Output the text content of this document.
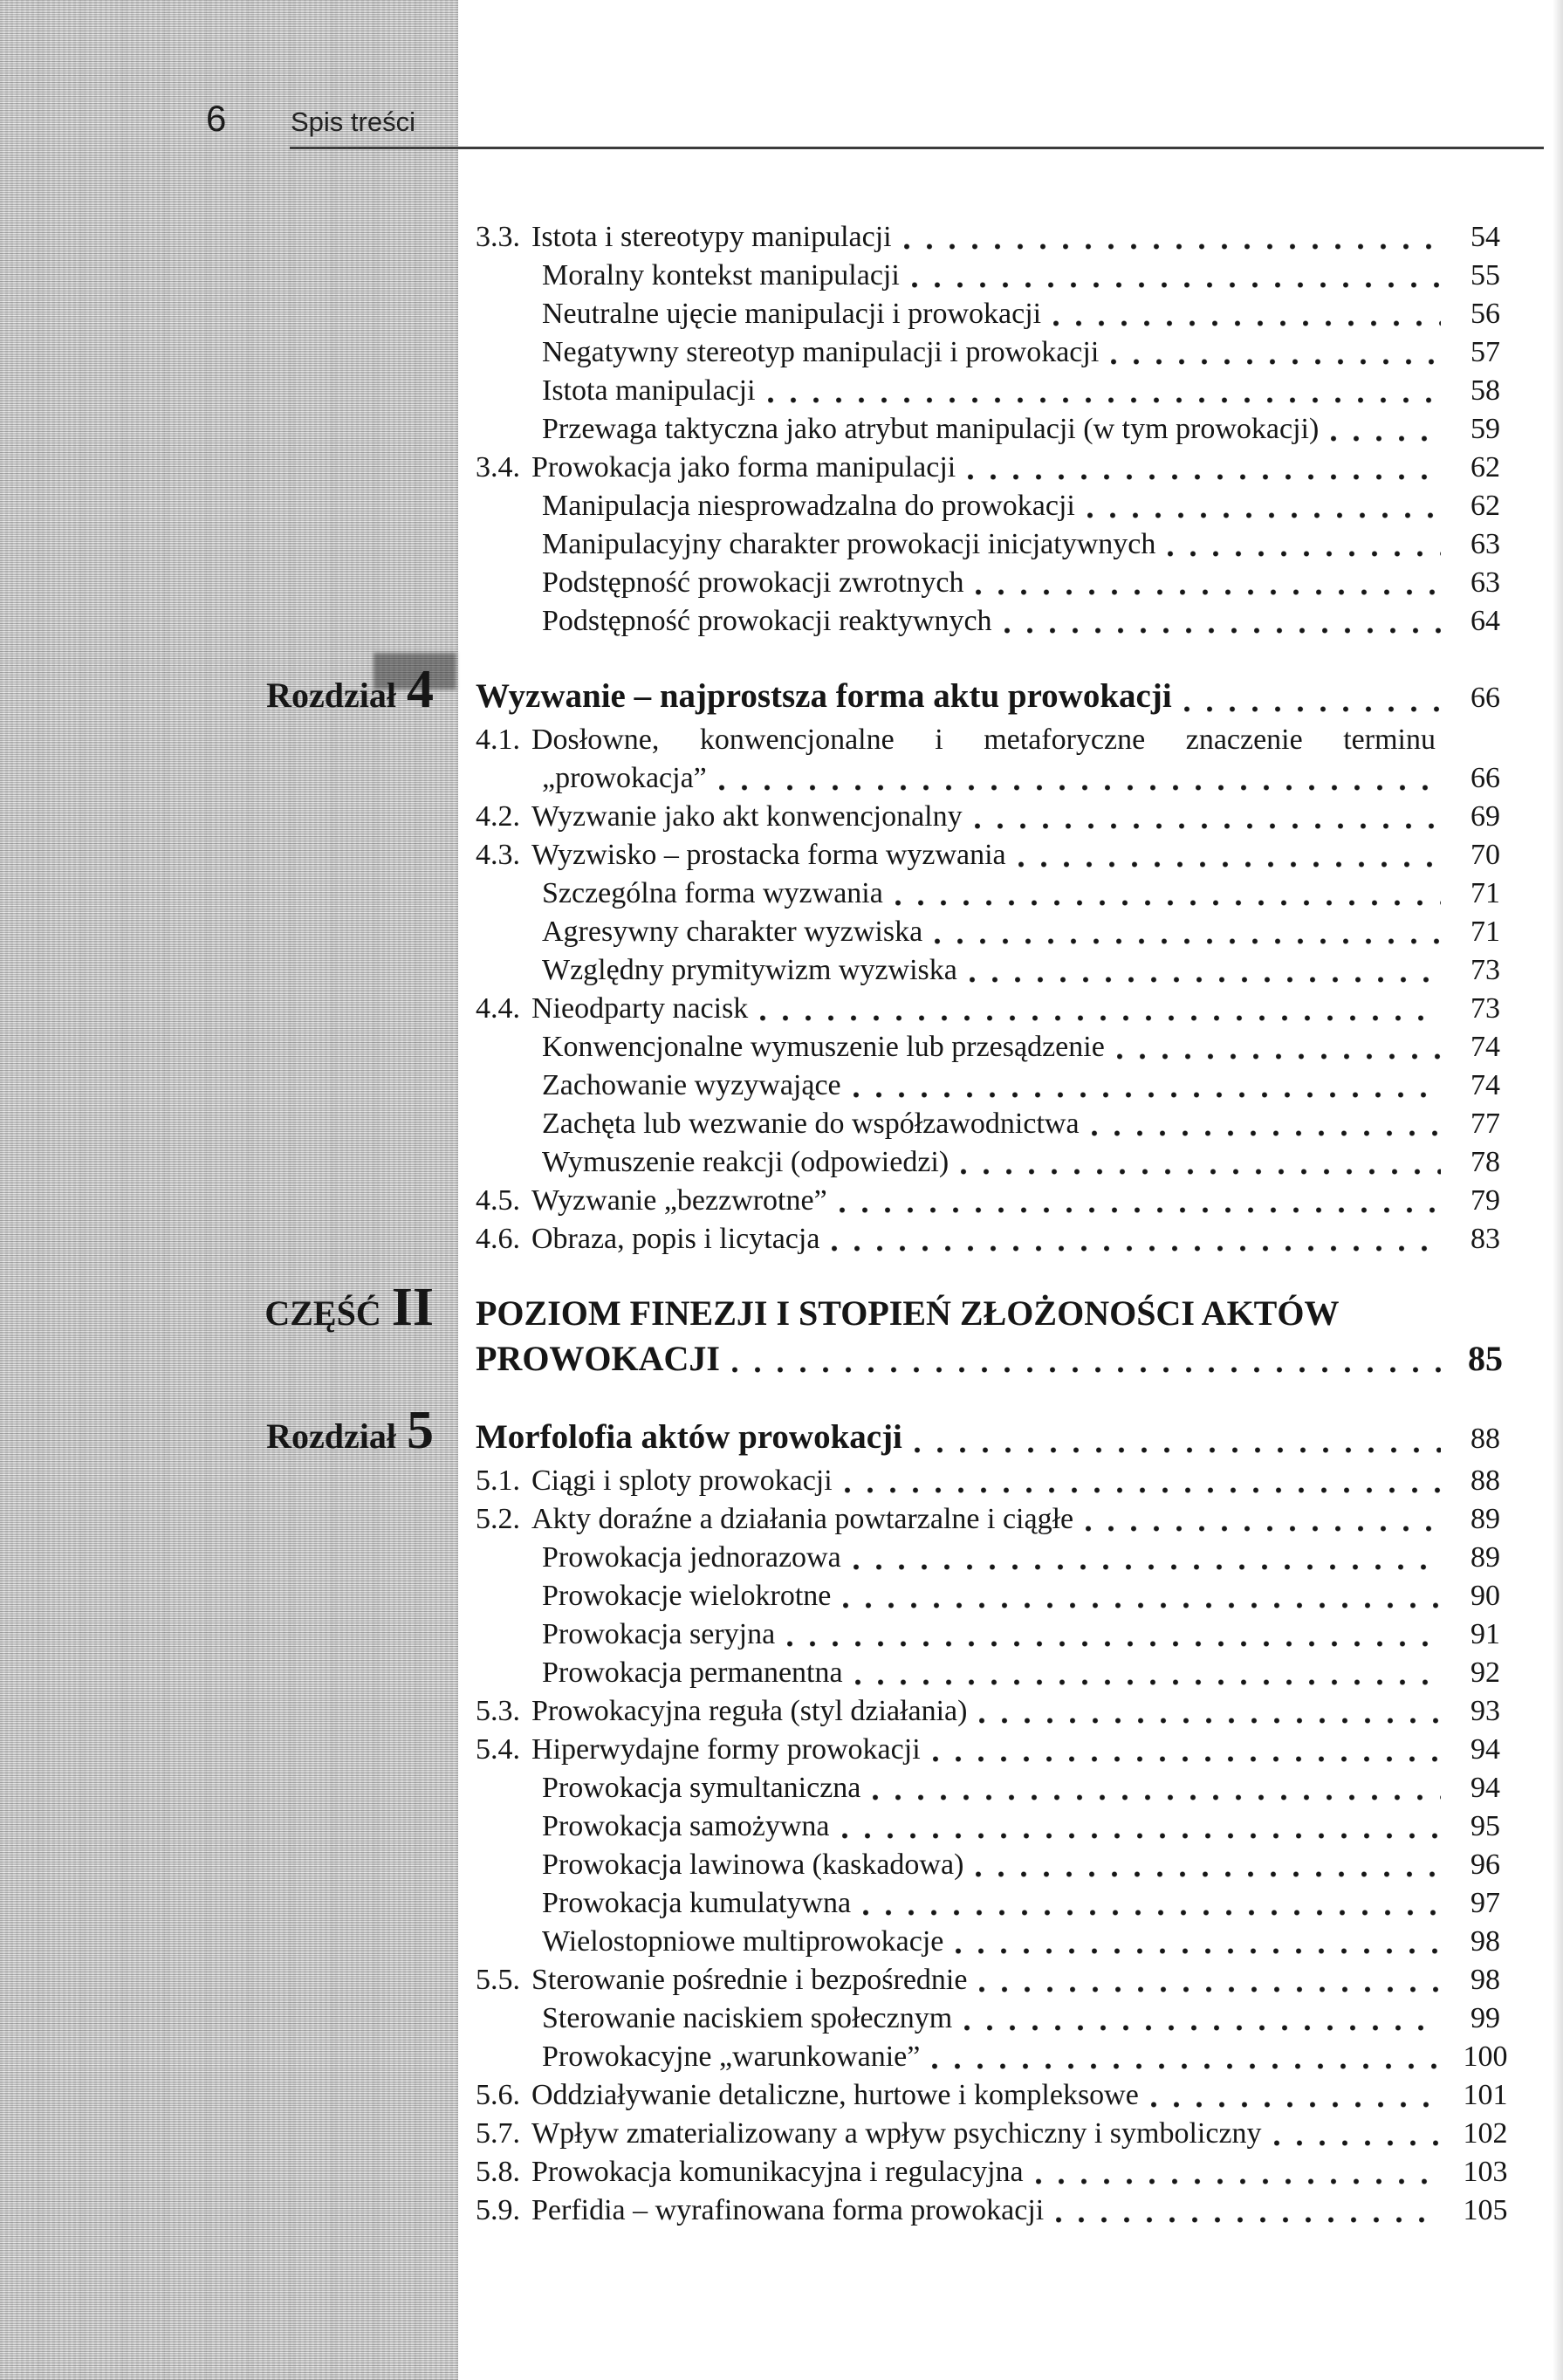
6 Spis treści
3.3. Istota i stereotypy manipulacji	54
Moralny kontekst manipulacji	55
Neutralne ujęcie manipulacji i prowokacji	56
Negatywny stereotyp manipulacji i prowokacji	57
Istota manipulacji	58
Przewaga taktyczna jako atrybut manipulacji (w tym prowokacji)	59
3.4. Prowokacja jako forma manipulacji	62
Manipulacja niesprowadzalna do prowokacji	62
Manipulacyjny charakter prowokacji inicjatywnych	63
Podstępność prowokacji zwrotnych	63
Podstępność prowokacji reaktywnych	64
Rozdział 4 Wyzwanie – najprostsza forma aktu prowokacji	66
4.1. Dosłowne, konwencjonalne i metaforyczne znaczenie terminu
„prowokacja”	66
4.2. Wyzwanie jako akt konwencjonalny	69
4.3. Wyzwisko – prostacka forma wyzwania	70
Szczególna forma wyzwania	71
Agresywny charakter wyzwiska	71
Względny prymitywizm wyzwiska	73
4.4. Nieodparty nacisk	73
Konwencjonalne wymuszenie lub przesądzenie	74
Zachowanie wyzywające	74
Zachęta lub wezwanie do współzawodnictwa	77
Wymuszenie reakcji (odpowiedzi)	78
4.5. Wyzwanie „bezzwrotne”	79
4.6. Obraza, popis i licytacja	83
CZĘŚĆ II POZIOM FINEZJI I STOPIEŃ ZŁOŻONOŚCI AKTÓW
PROWOKACJI	85
Rozdział 5 Morfolofia aktów prowokacji	88
5.1. Ciągi i sploty prowokacji	88
5.2. Akty doraźne a działania powtarzalne i ciągłe	89
Prowokacja jednorazowa	89
Prowokacje wielokrotne	90
Prowokacja seryjna	91
Prowokacja permanentna	92
5.3. Prowokacyjna reguła (styl działania)	93
5.4. Hiperwydajne formy prowokacji	94
Prowokacja symultaniczna	94
Prowokacja samożywna	95
Prowokacja lawinowa (kaskadowa)	96
Prowokacja kumulatywna	97
Wielostopniowe multiprowokacje	98
5.5. Sterowanie pośrednie i bezpośrednie	98
Sterowanie naciskiem społecznym	99
Prowokacyjne „warunkowanie”	100
5.6. Oddziaływanie detaliczne, hurtowe i kompleksowe	101
5.7. Wpływ zmaterializowany a wpływ psychiczny i symboliczny	102
5.8. Prowokacja komunikacyjna i regulacyjna	103
5.9. Perfidia – wyrafinowana forma prowokacji	105
